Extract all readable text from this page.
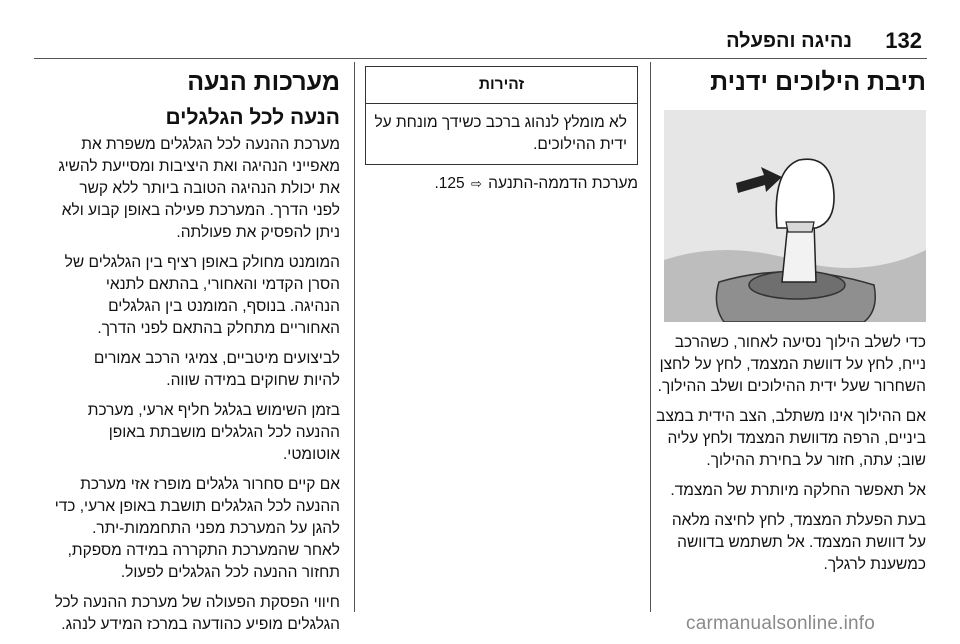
132
נהיגה והפעלה
תיבת הילוכים ידנית

כדי לשלב הילוך נסיעה לאחור, כשהרכב נייח, לחץ על דוושת המצמד, לחץ על לחצן השחרור שעל ידית ההילוכים ושלב ההילוך.

אם ההילוך אינו משתלב, הצב הידית במצב ביניים, הרפה מדוושת המצמד ולחץ עליה שוב; עתה, חזור על בחירת ההילוך.

אל תאפשר החלקה מיותרת של המצמד.

בעת הפעלת המצמד, לחץ לחיצה מלאה על דוושת המצמד. אל תשתמש בדוושה כמשענת לרגלך.

זהירות
לא מומלץ לנהוג ברכב כשידך מונחת על ידית ההילוכים.

מערכת הדממה-התנעה ⇨ 125.

מערכות הנעה
הנעה לכל הגלגלים

מערכת ההנעה לכל הגלגלים משפרת את מאפייני הנהיגה ואת היציבות ומסייעת להשיג את יכולת הנהיגה הטובה ביותר ללא קשר לפני הדרך. המערכת פעילה באופן קבוע ולא ניתן להפסיק את פעולתה.

המומנט מחולק באופן רציף בין הגלגלים של הסרן הקדמי והאחורי, בהתאם לתנאי הנהיגה. בנוסף, המומנט בין הגלגלים האחוריים מתחלק בהתאם לפני הדרך.

לביצועים מיטביים, צמיגי הרכב אמורים להיות שחוקים במידה שווה.

בזמן השימוש בגלגל חליף ארעי, מערכת ההנעה לכל הגלגלים מושבתת באופן אוטומטי.

אם קיים סחרור גלגלים מופרז אזי מערכת ההנעה לכל הגלגלים תושבת באופן ארעי, כדי להגן על המערכת מפני התחממות-יתר. לאחר שהמערכת התקררה במידה מספקת, תחזור ההנעה לכל הגלגלים לפעול.

חיווי הפסקת הפעולה של מערכת ההנעה לכל הגלגלים מופיע כהודעה במרכז המידע לנהג.	carmanualsonline.info
